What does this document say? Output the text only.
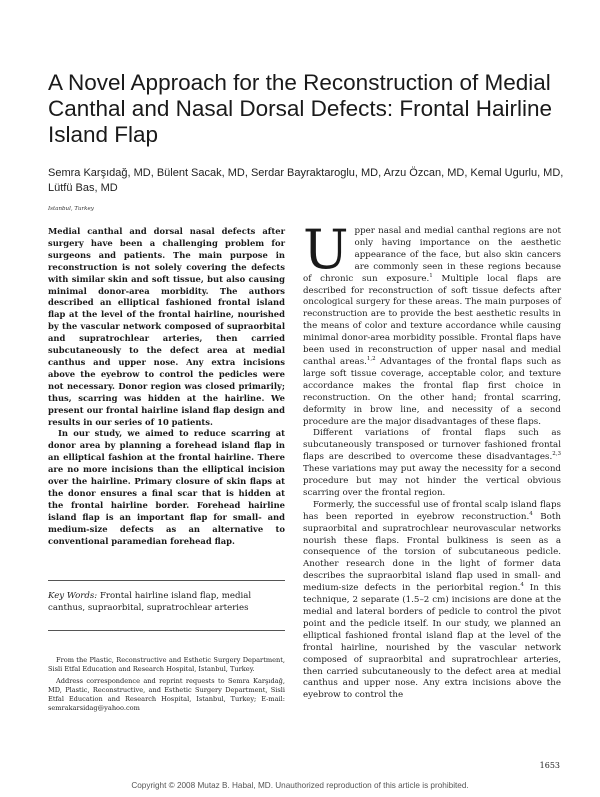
A Novel Approach for the Reconstruction of Medial Canthal and Nasal Dorsal Defects: Frontal Hairline Island Flap
Semra Karşıdağ, MD, Bülent Sacak, MD, Serdar Bayraktaroglu, MD, Arzu Özcan, MD, Kemal Ugurlu, MD, Lütfü Bas, MD
Istanbul, Turkey

Medial canthal and dorsal nasal defects after surgery have been a challenging problem for surgeons and patients. The main purpose in reconstruction is not solely covering the defects with similar skin and soft tissue, but also causing minimal donor-area morbidity. The authors described an elliptical fashioned frontal island flap at the level of the frontal hairline, nourished by the vascular network composed of supraorbital and supratrochlear arteries, then carried subcutaneously to the defect area at medial canthus and upper nose. Any extra incisions above the eyebrow to control the pedicles were not necessary. Donor region was closed primarily; thus, scarring was hidden at the hairline. We present our frontal hairline island flap design and results in our series of 10 patients.

In our study, we aimed to reduce scarring at donor area by planning a forehead island flap in an elliptical fashion at the frontal hairline. There are no more incisions than the elliptical incision over the hairline. Primary closure of skin flaps at the donor ensures a final scar that is hidden at the frontal hairline border. Forehead hairline island flap is an important flap for small- and medium-size defects as an alternative to conventional paramedian forehead flap.

Key Words: Frontal hairline island flap, medial canthus, supraorbital, supratrochlear arteries

From the Plastic, Reconstructive and Esthetic Surgery Department, Sisli Etfal Education and Research Hospital, Istanbul, Turkey.

Address correspondence and reprint requests to Semra Karşıdağ, MD, Plastic, Reconstructive, and Esthetic Surgery Department, Sisli Etfal Education and Research Hospital, Istanbul, Turkey; E-mail: semrakarsidag@yahoo.com

Upper nasal and medial canthal regions are not only having importance on the aesthetic appearance of the face, but also skin cancers are commonly seen in these regions because of chronic sun exposure.$^1$ Multiple local flaps are described for reconstruction of soft tissue defects after oncological surgery for these areas. The main purposes of reconstruction are to provide the best aesthetic results in the means of color and texture accordance while causing minimal donor-area morbidity possible. Frontal flaps have been used in reconstruction of upper nasal and medial canthal areas.$^{1,2}$ Advantages of the frontal flaps such as large soft tissue coverage, acceptable color, and texture accordance makes the frontal flap first choice in reconstruction. On the other hand; frontal scarring, deformity in brow line, and necessity of a second procedure are the major disadvantages of these flaps.

Different variations of frontal flaps such as subcutaneously transposed or turnover fashioned frontal flaps are described to overcome these disadvantages.$^{2,3}$ These variations may put away the necessity for a second procedure but may not hinder the vertical obvious scarring over the frontal region.

Formerly, the successful use of frontal scalp island flaps has been reported in eyebrow reconstruction.$^4$ Both supraorbital and supratrochlear neurovascular networks nourish these flaps. Frontal bulkiness is seen as a consequence of the torsion of subcutaneous pedicle. Another research done in the light of former data describes the supraorbital island flap used in small- and medium-size defects in the periorbital region.$^4$ In this technique, 2 separate (1.5–2 cm) incisions are done at the medial and lateral borders of pedicle to control the pivot point and the pedicle itself. In our study, we planned an elliptical fashioned frontal island flap at the level of the frontal hairline, nourished by the vascular network composed of supraorbital and supratrochlear arteries, then carried subcutaneously to the defect area at medial canthus and upper nose. Any extra incisions above the eyebrow to control the

1653
Copyright © 2008 Mutaz B. Habal, MD. Unauthorized reproduction of this article is prohibited.
